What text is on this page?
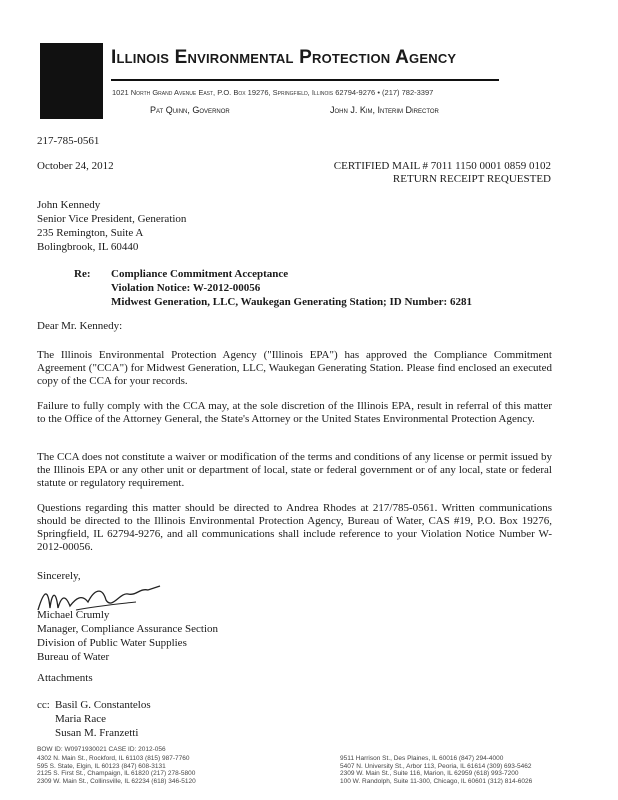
Illinois Environmental Protection Agency
1021 North Grand Avenue East, P.O. Box 19276, Springfield, Illinois 62794-9276 • (217) 782-3397
Pat Quinn, Governor	John J. Kim, Interim Director
217-785-0561
October 24, 2012	CERTIFIED MAIL # 7011 1150 0001 0859 0102
RETURN RECEIPT REQUESTED
John Kennedy
Senior Vice President, Generation
235 Remington, Suite A
Bolingbrook, IL 60440
Re: Compliance Commitment Acceptance
Violation Notice: W-2012-00056
Midwest Generation, LLC, Waukegan Generating Station; ID Number: 6281
Dear Mr. Kennedy:
The Illinois Environmental Protection Agency ("Illinois EPA") has approved the Compliance Commitment Agreement ("CCA") for Midwest Generation, LLC, Waukegan Generating Station. Please find enclosed an executed copy of the CCA for your records.
Failure to fully comply with the CCA may, at the sole discretion of the Illinois EPA, result in referral of this matter to the Office of the Attorney General, the State's Attorney or the United States Environmental Protection Agency.
The CCA does not constitute a waiver or modification of the terms and conditions of any license or permit issued by the Illinois EPA or any other unit or department of local, state or federal government or of any local, state or federal statute or regulatory requirement.
Questions regarding this matter should be directed to Andrea Rhodes at 217/785-0561. Written communications should be directed to the Illinois Environmental Protection Agency, Bureau of Water, CAS #19, P.O. Box 19276, Springfield, IL 62794-9276, and all communications shall include reference to your Violation Notice Number W-2012-00056.
Sincerely,
Michael Crumly
Manager, Compliance Assurance Section
Division of Public Water Supplies
Bureau of Water
Attachments
cc: Basil G. Constantelos
Maria Race
Susan M. Franzetti
BOW ID: W0971930021 CASE ID: 2012-056
4302 N. Main St., Rockford, IL 61103 (815) 987-7760
595 S. State, Elgin, IL 60123 (847) 608-3131
2125 S. First St., Champaign, IL 61820 (217) 278-5800
2309 W. Main St., Collinsville, IL 62234 (618) 346-5120
9511 Harrison St., Des Plaines, IL 60016 (847) 294-4000
5407 N. University St., Arbor 113, Peoria, IL 61614 (309) 693-5462
2309 W. Main St., Suite 116, Marion, IL 62959 (618) 993-7200
100 W. Randolph, Suite 11-300, Chicago, IL 60601 (312) 814-6026
